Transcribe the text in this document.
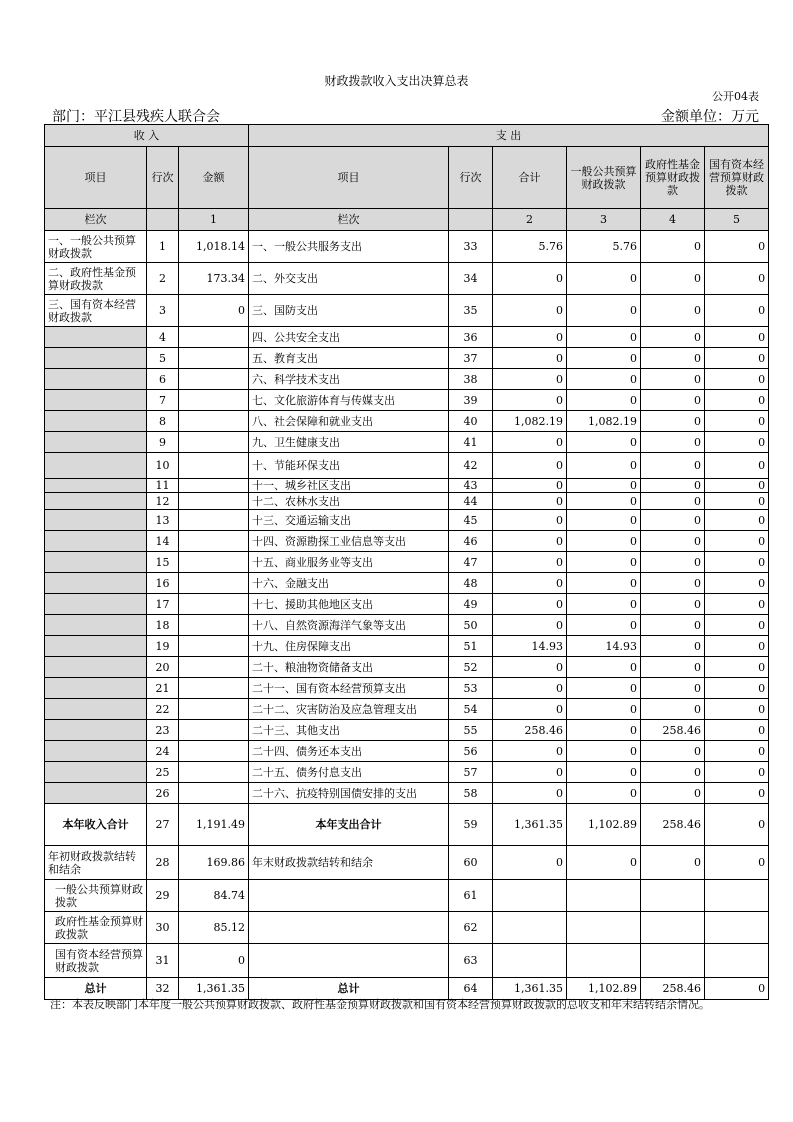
财政拨款收入支出决算总表
公开04表
部门：平江县残疾人联合会	金额单位：万元
收 入			支 出					
项目	行次	金额	项目	行次	合计	一般公共预算财政拨款	政府性基金预算财政拨款	国有资本经营预算财政拨款
栏次		1	栏次		2	3	4	5
一、一般公共预算财政拨款	1	1,018.14	一、一般公共服务支出	33	5.76	5.76	0	0
二、政府性基金预算财政拨款	2	173.34	二、外交支出	34	0	0	0	0
三、国有资本经营财政拨款	3	0	三、国防支出	35	0	0	0	0
	4		四、公共安全支出	36	0	0	0	0
	5		五、教育支出	37	0	0	0	0
	6		六、科学技术支出	38	0	0	0	0
	7		七、文化旅游体育与传媒支出	39	0	0	0	0
	8		八、社会保障和就业支出	40	1,082.19	1,082.19	0	0
	9		九、卫生健康支出	41	0	0	0	0
	10		十、节能环保支出	42	0	0	0	0
	11		十一、城乡社区支出	43	0	0	0	0
	12		十二、农林水支出	44	0	0	0	0
	13		十三、交通运输支出	45	0	0	0	0
	14		十四、资源勘探工业信息等支出	46	0	0	0	0
	15		十五、商业服务业等支出	47	0	0	0	0
	16		十六、金融支出	48	0	0	0	0
	17		十七、援助其他地区支出	49	0	0	0	0
	18		十八、自然资源海洋气象等支出	50	0	0	0	0
	19		十九、住房保障支出	51	14.93	14.93	0	0
	20		二十、粮油物资储备支出	52	0	0	0	0
	21		二十一、国有资本经营预算支出	53	0	0	0	0
	22		二十二、灾害防治及应急管理支出	54	0	0	0	0
	23		二十三、其他支出	55	258.46	0	258.46	0
	24		二十四、债务还本支出	56	0	0	0	0
	25		二十五、债务付息支出	57	0	0	0	0
	26		二十六、抗疫特别国债安排的支出	58	0	0	0	0
本年收入合计	27	1,191.49	本年支出合计	59	1,361.35	1,102.89	258.46	0
年初财政拨款结转和结余	28	169.86	年末财政拨款结转和结余	60	0	0	0	0
一般公共预算财政拨款	29	84.74		61				
政府性基金预算财政拨款	30	85.12		62				
国有资本经营预算财政拨款	31	0		63				
总计	32	1,361.35	总计	64	1,361.35	1,102.89	258.46	0
注：本表反映部门本年度一般公共预算财政拨款、政府性基金预算财政拨款和国有资本经营预算财政拨款的总收支和年末结转结余情况。
